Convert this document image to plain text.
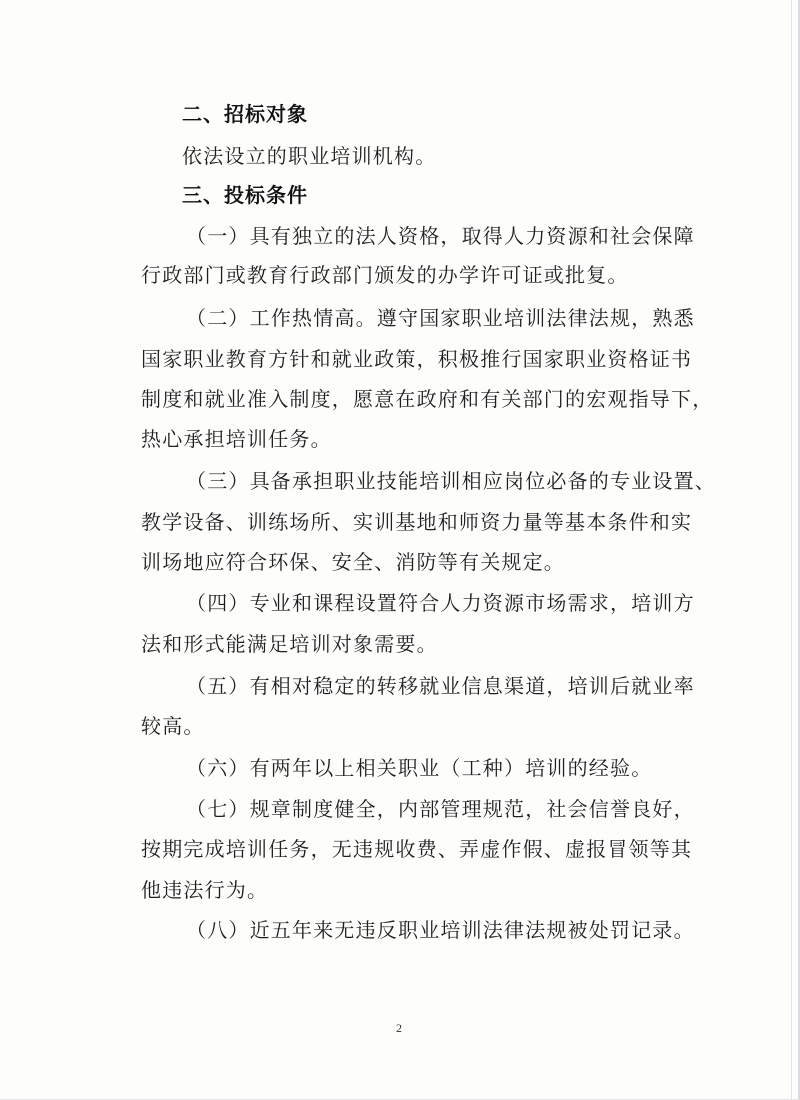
二、招标对象
依法设立的职业培训机构。
三、投标条件
（一）具有独立的法人资格，取得人力资源和社会保障
行政部门或教育行政部门颁发的办学许可证或批复。
（二）工作热情高。遵守国家职业培训法律法规，熟悉
国家职业教育方针和就业政策，积极推行国家职业资格证书
制度和就业准入制度，愿意在政府和有关部门的宏观指导下，
热心承担培训任务。
（三）具备承担职业技能培训相应岗位必备的专业设置、
教学设备、训练场所、实训基地和师资力量等基本条件和实
训场地应符合环保、安全、消防等有关规定。
（四）专业和课程设置符合人力资源市场需求，培训方
法和形式能满足培训对象需要。
（五）有相对稳定的转移就业信息渠道，培训后就业率
较高。
（六）有两年以上相关职业（工种）培训的经验。
（七）规章制度健全，内部管理规范，社会信誉良好，
按期完成培训任务，无违规收费、弄虚作假、虚报冒领等其
他违法行为。
（八）近五年来无违反职业培训法律法规被处罚记录。
2
